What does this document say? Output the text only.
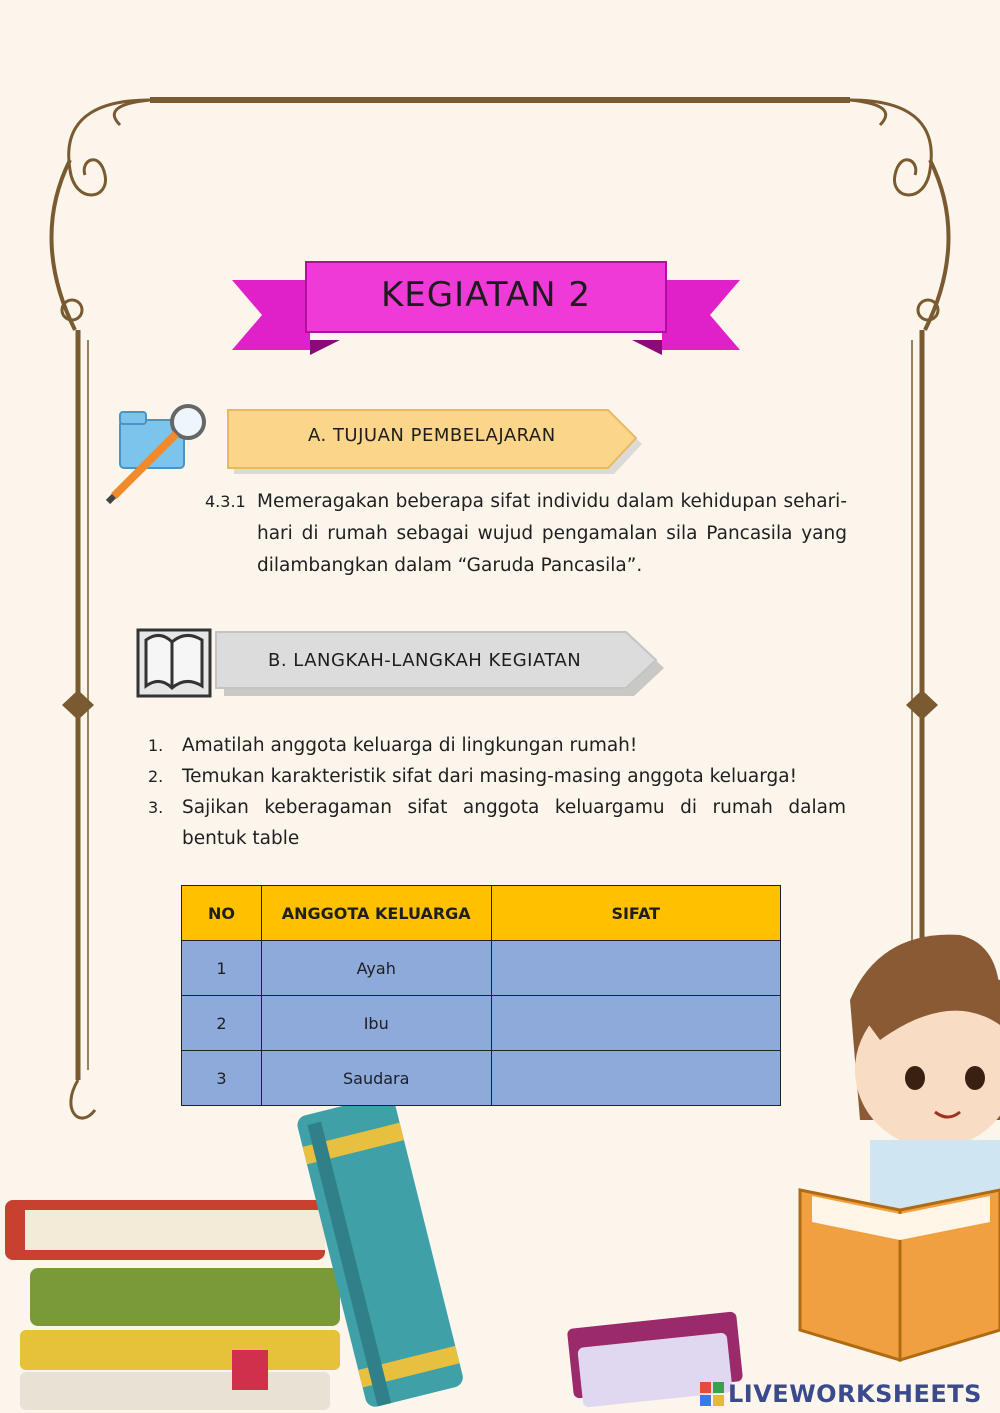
KEGIATAN 2
A. TUJUAN PEMBELAJARAN
4.3.1 Memeragakan beberapa sifat individu dalam kehidupan sehari-hari di rumah sebagai wujud pengamalan sila Pancasila yang dilambangkan dalam “Garuda Pancasila”.
B. LANGKAH-LANGKAH KEGIATAN
1. Amatilah anggota keluarga di lingkungan rumah!
2. Temukan karakteristik sifat dari masing-masing anggota keluarga!
3. Sajikan keberagaman sifat anggota keluargamu di rumah dalam bentuk table
NO	ANGGOTA KELUARGA	SIFAT
1	Ayah	
2	Ibu	
3	Saudara	
LIVEWORKSHEETS
